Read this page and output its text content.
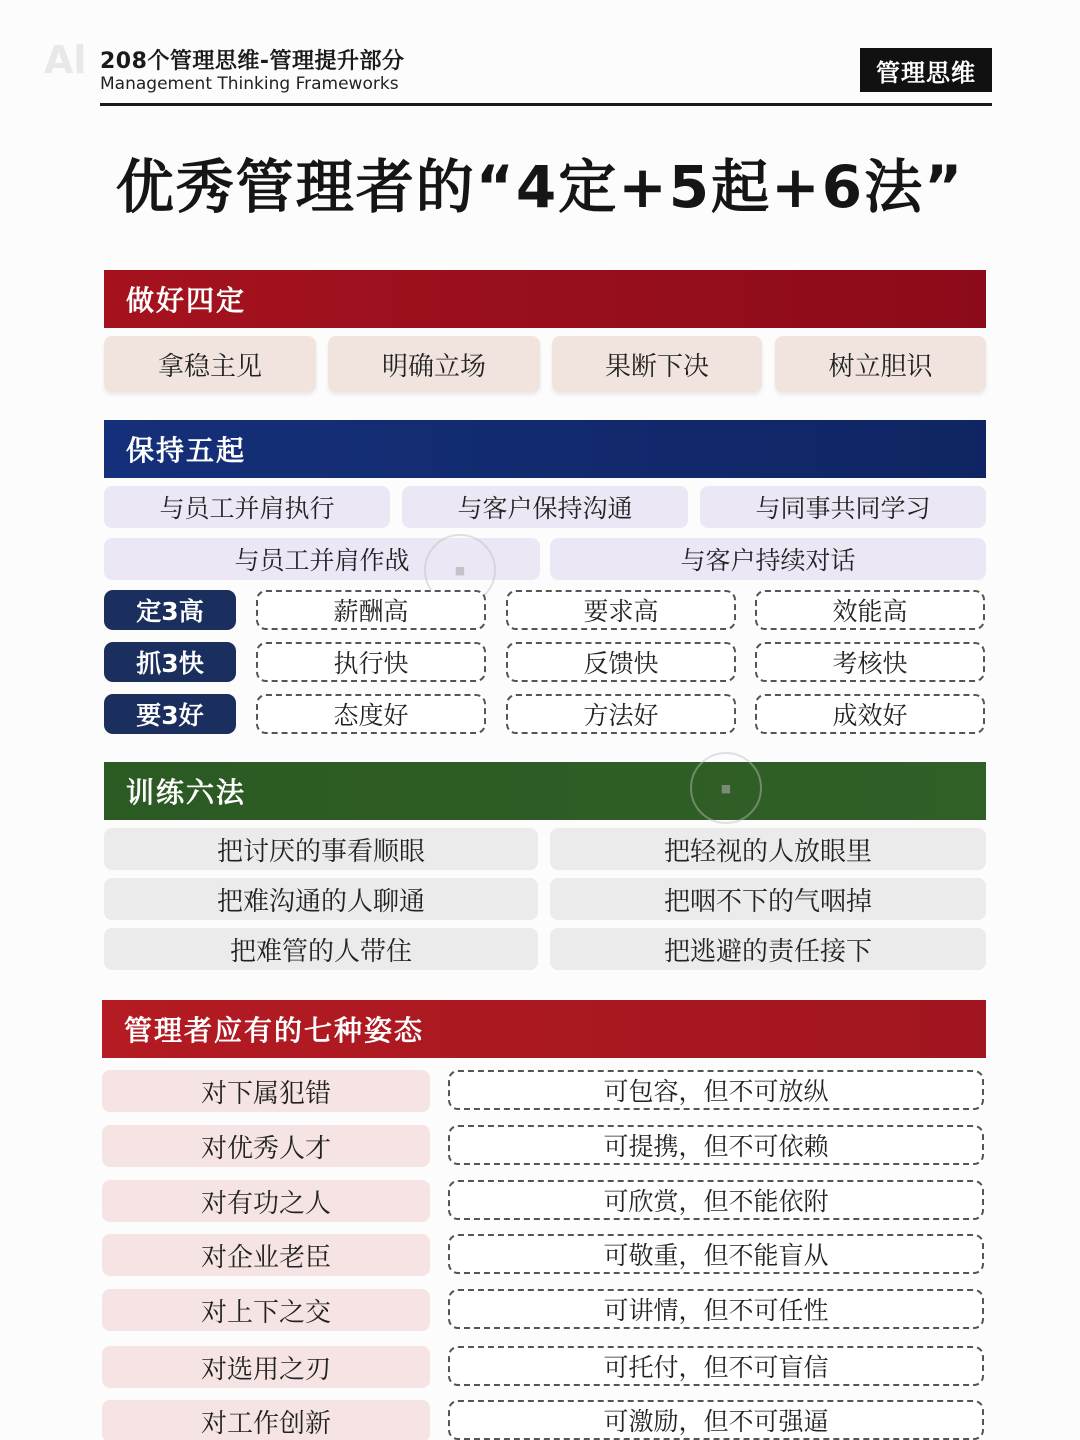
Al 208个管理思维-管理提升部分
Management Thinking Frameworks	管理思维
优秀管理者的“4定+5起+6法”
做好四定
拿稳主见	明确立场	果断下决	树立胆识
保持五起
与员工并肩执行	与客户保持沟通	与同事共同学习
与员工并肩作战	与客户持续对话
■
定3高	薪酬高	要求高	效能高
抓3快	执行快	反馈快	考核快
要3好	态度好	方法好	成效好
训练六法	■
把讨厌的事看顺眼	把轻视的人放眼里
把难沟通的人聊通	把咽不下的气咽掉
把难管的人带住	把逃避的责任接下
管理者应有的七种姿态
对下属犯错	可包容，但不可放纵
对优秀人才	可提携，但不可依赖
对有功之人	可欣赏，但不能依附
对企业老臣	可敬重，但不能盲从
对上下之交	可讲情，但不可任性
对选用之刃	可托付，但不可盲信
对工作创新	可激励，但不可强逼
